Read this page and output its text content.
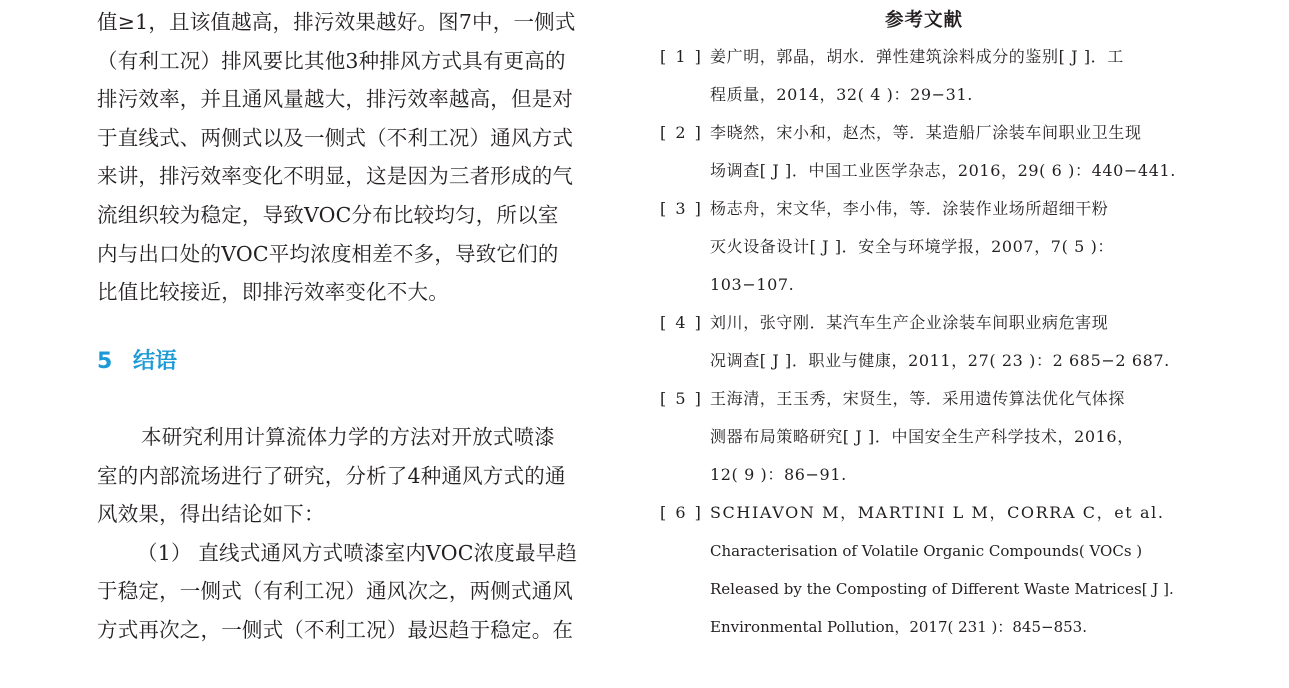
值≥1，且该值越高，排污效果越好。图7中，一侧式
（有利工况）排风要比其他3种排风方式具有更高的
排污效率，并且通风量越大，排污效率越高，但是对
于直线式、两侧式以及一侧式（不利工况）通风方式
来讲，排污效率变化不明显，这是因为三者形成的气
流组织较为稳定，导致VOC分布比较均匀，所以室
内与出口处的VOC平均浓度相差不多，导致它们的
比值比较接近，即排污效率变化不大。
5 结语
本研究利用计算流体力学的方法对开放式喷漆
室的内部流场进行了研究，分析了4种通风方式的通
风效果，得出结论如下：
（1） 直线式通风方式喷漆室内VOC浓度最早趋
于稳定，一侧式（有利工况）通风次之，两侧式通风
方式再次之，一侧式（不利工况）最迟趋于稳定。在
参考文献
[ 1 ] 姜广明，郭晶，胡水．弹性建筑涂料成分的鉴别[ J ]．工
程质量，2014，32( 4 )：29−31.
[ 2 ] 李晓然，宋小和，赵杰，等．某造船厂涂装车间职业卫生现
场调查[ J ]．中国工业医学杂志，2016，29( 6 )：440−441.
[ 3 ] 杨志舟，宋文华，李小伟，等．涂装作业场所超细干粉
灭火设备设计[ J ]．安全与环境学报，2007，7( 5 )：
103−107.
[ 4 ] 刘川，张守刚．某汽车生产企业涂装车间职业病危害现
况调查[ J ]．职业与健康，2011，27( 23 )：2 685−2 687.
[ 5 ] 王海清，王玉秀，宋贤生，等．采用遗传算法优化气体探
测器布局策略研究[ J ]．中国安全生产科学技术，2016，
12( 9 )：86−91.
[ 6 ] SCHIAVON M，MARTINI L M，CORRA C，et al.
Characterisation of Volatile Organic Compounds( VOCs )
Released by the Composting of Different Waste Matrices[ J ].
Environmental Pollution，2017( 231 )：845−853.
